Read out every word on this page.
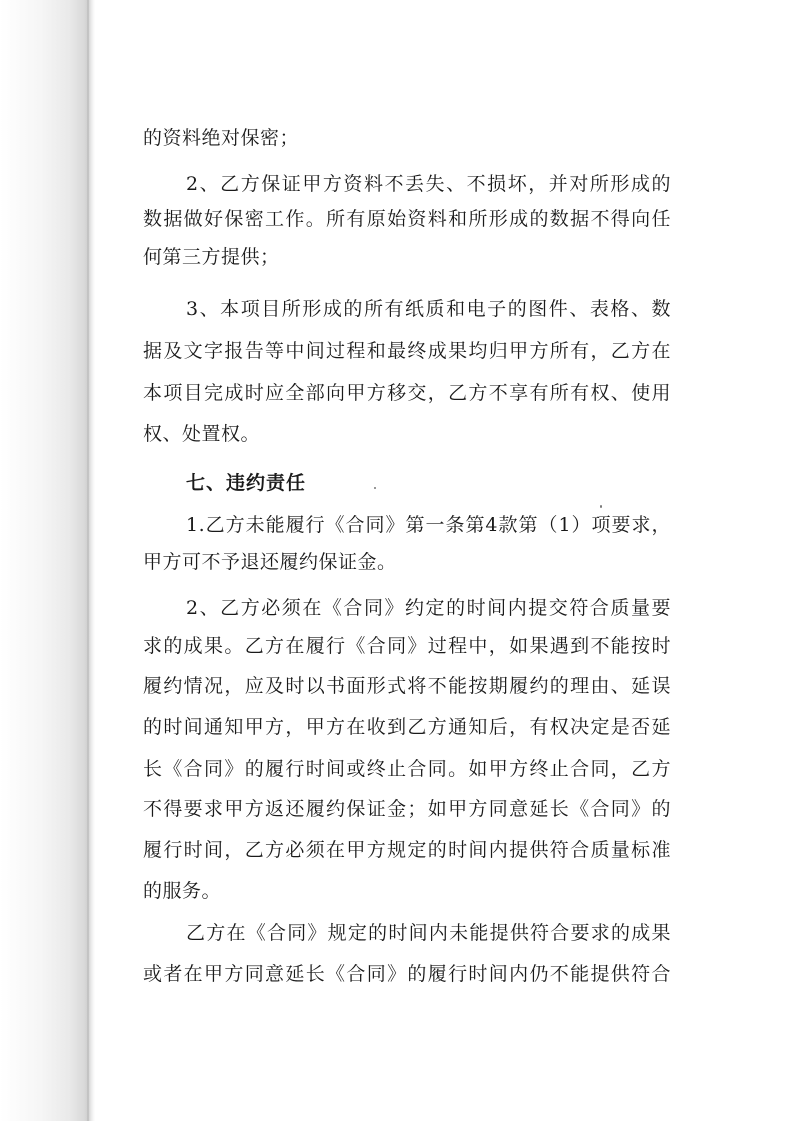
的资料绝对保密；
2、乙方保证甲方资料不丢失、不损坏，并对所形成的
数据做好保密工作。所有原始资料和所形成的数据不得向任
何第三方提供；
3、本项目所形成的所有纸质和电子的图件、表格、数
据及文字报告等中间过程和最终成果均归甲方所有，乙方在
本项目完成时应全部向甲方移交，乙方不享有所有权、使用
权、处置权。
七、违约责任
1.乙方未能履行《合同》第一条第4款第（1）项要求，
甲方可不予退还履约保证金。
2、乙方必须在《合同》约定的时间内提交符合质量要
求的成果。乙方在履行《合同》过程中，如果遇到不能按时
履约情况，应及时以书面形式将不能按期履约的理由、延误
的时间通知甲方，甲方在收到乙方通知后，有权决定是否延
长《合同》的履行时间或终止合同。如甲方终止合同，乙方
不得要求甲方返还履约保证金；如甲方同意延长《合同》的
履行时间，乙方必须在甲方规定的时间内提供符合质量标准
的服务。
乙方在《合同》规定的时间内未能提供符合要求的成果
或者在甲方同意延长《合同》的履行时间内仍不能提供符合
